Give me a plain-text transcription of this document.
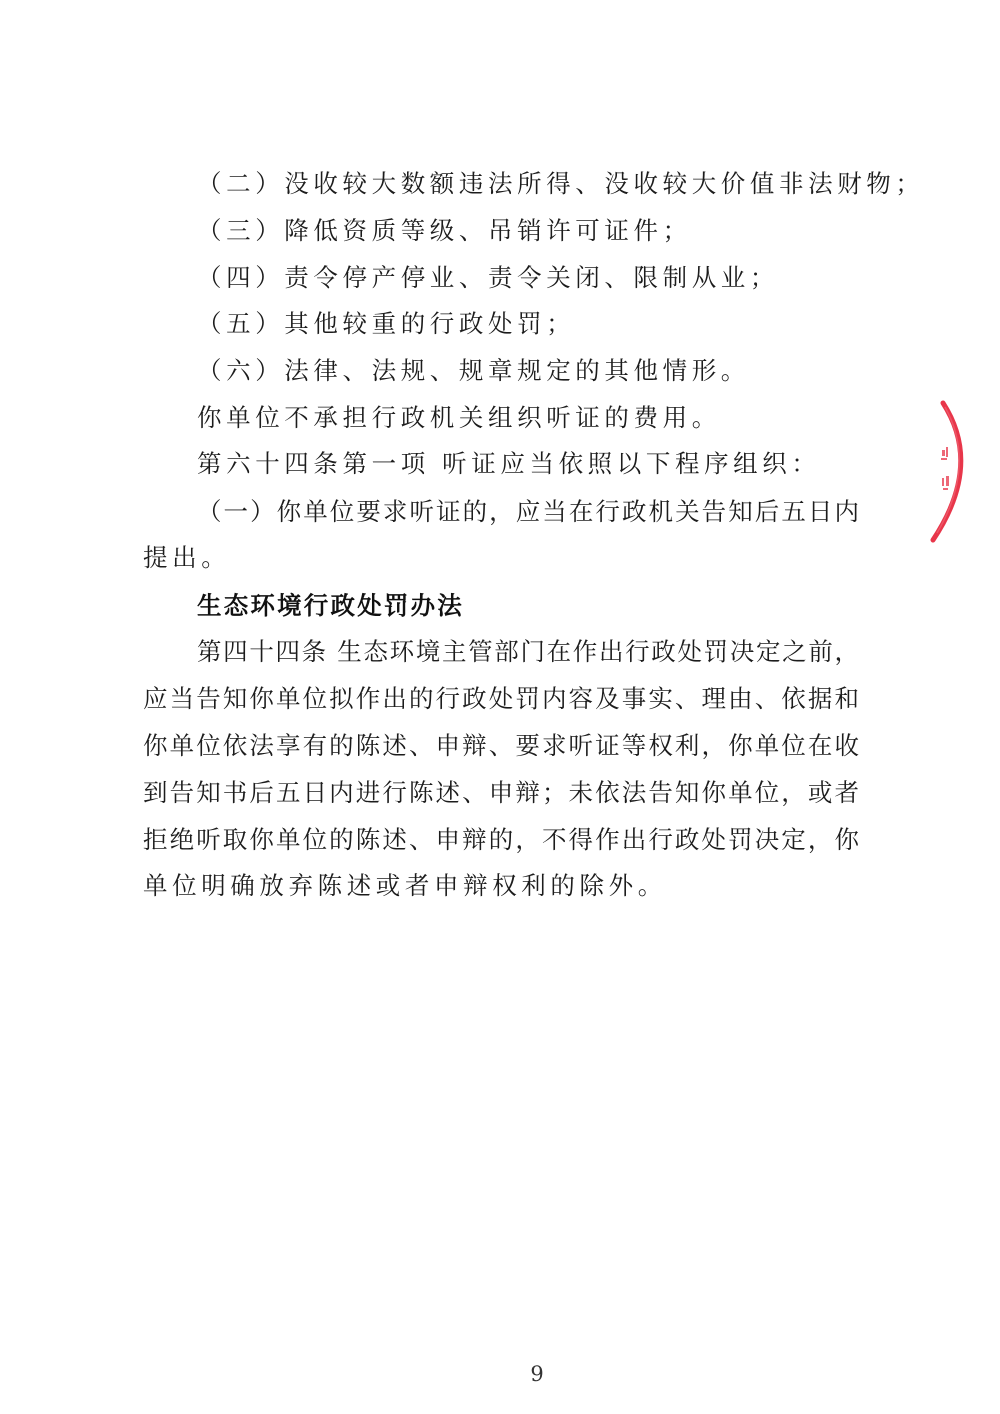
（二）没收较大数额违法所得、没收较大价值非法财物；
（三）降低资质等级、吊销许可证件；
（四）责令停产停业、责令关闭、限制从业；
（五）其他较重的行政处罚；
（六）法律、法规、规章规定的其他情形。
你单位不承担行政机关组织听证的费用。
第六十四条第一项 听证应当依照以下程序组织：
（一）你单位要求听证的，应当在行政机关告知后五日内
提出。
生态环境行政处罚办法
第四十四条 生态环境主管部门在作出行政处罚决定之前，
应当告知你单位拟作出的行政处罚内容及事实、理由、依据和
你单位依法享有的陈述、申辩、要求听证等权利，你单位在收
到告知书后五日内进行陈述、申辩；未依法告知你单位，或者
拒绝听取你单位的陈述、申辩的，不得作出行政处罚决定，你
单位明确放弃陈述或者申辩权利的除外。
9
